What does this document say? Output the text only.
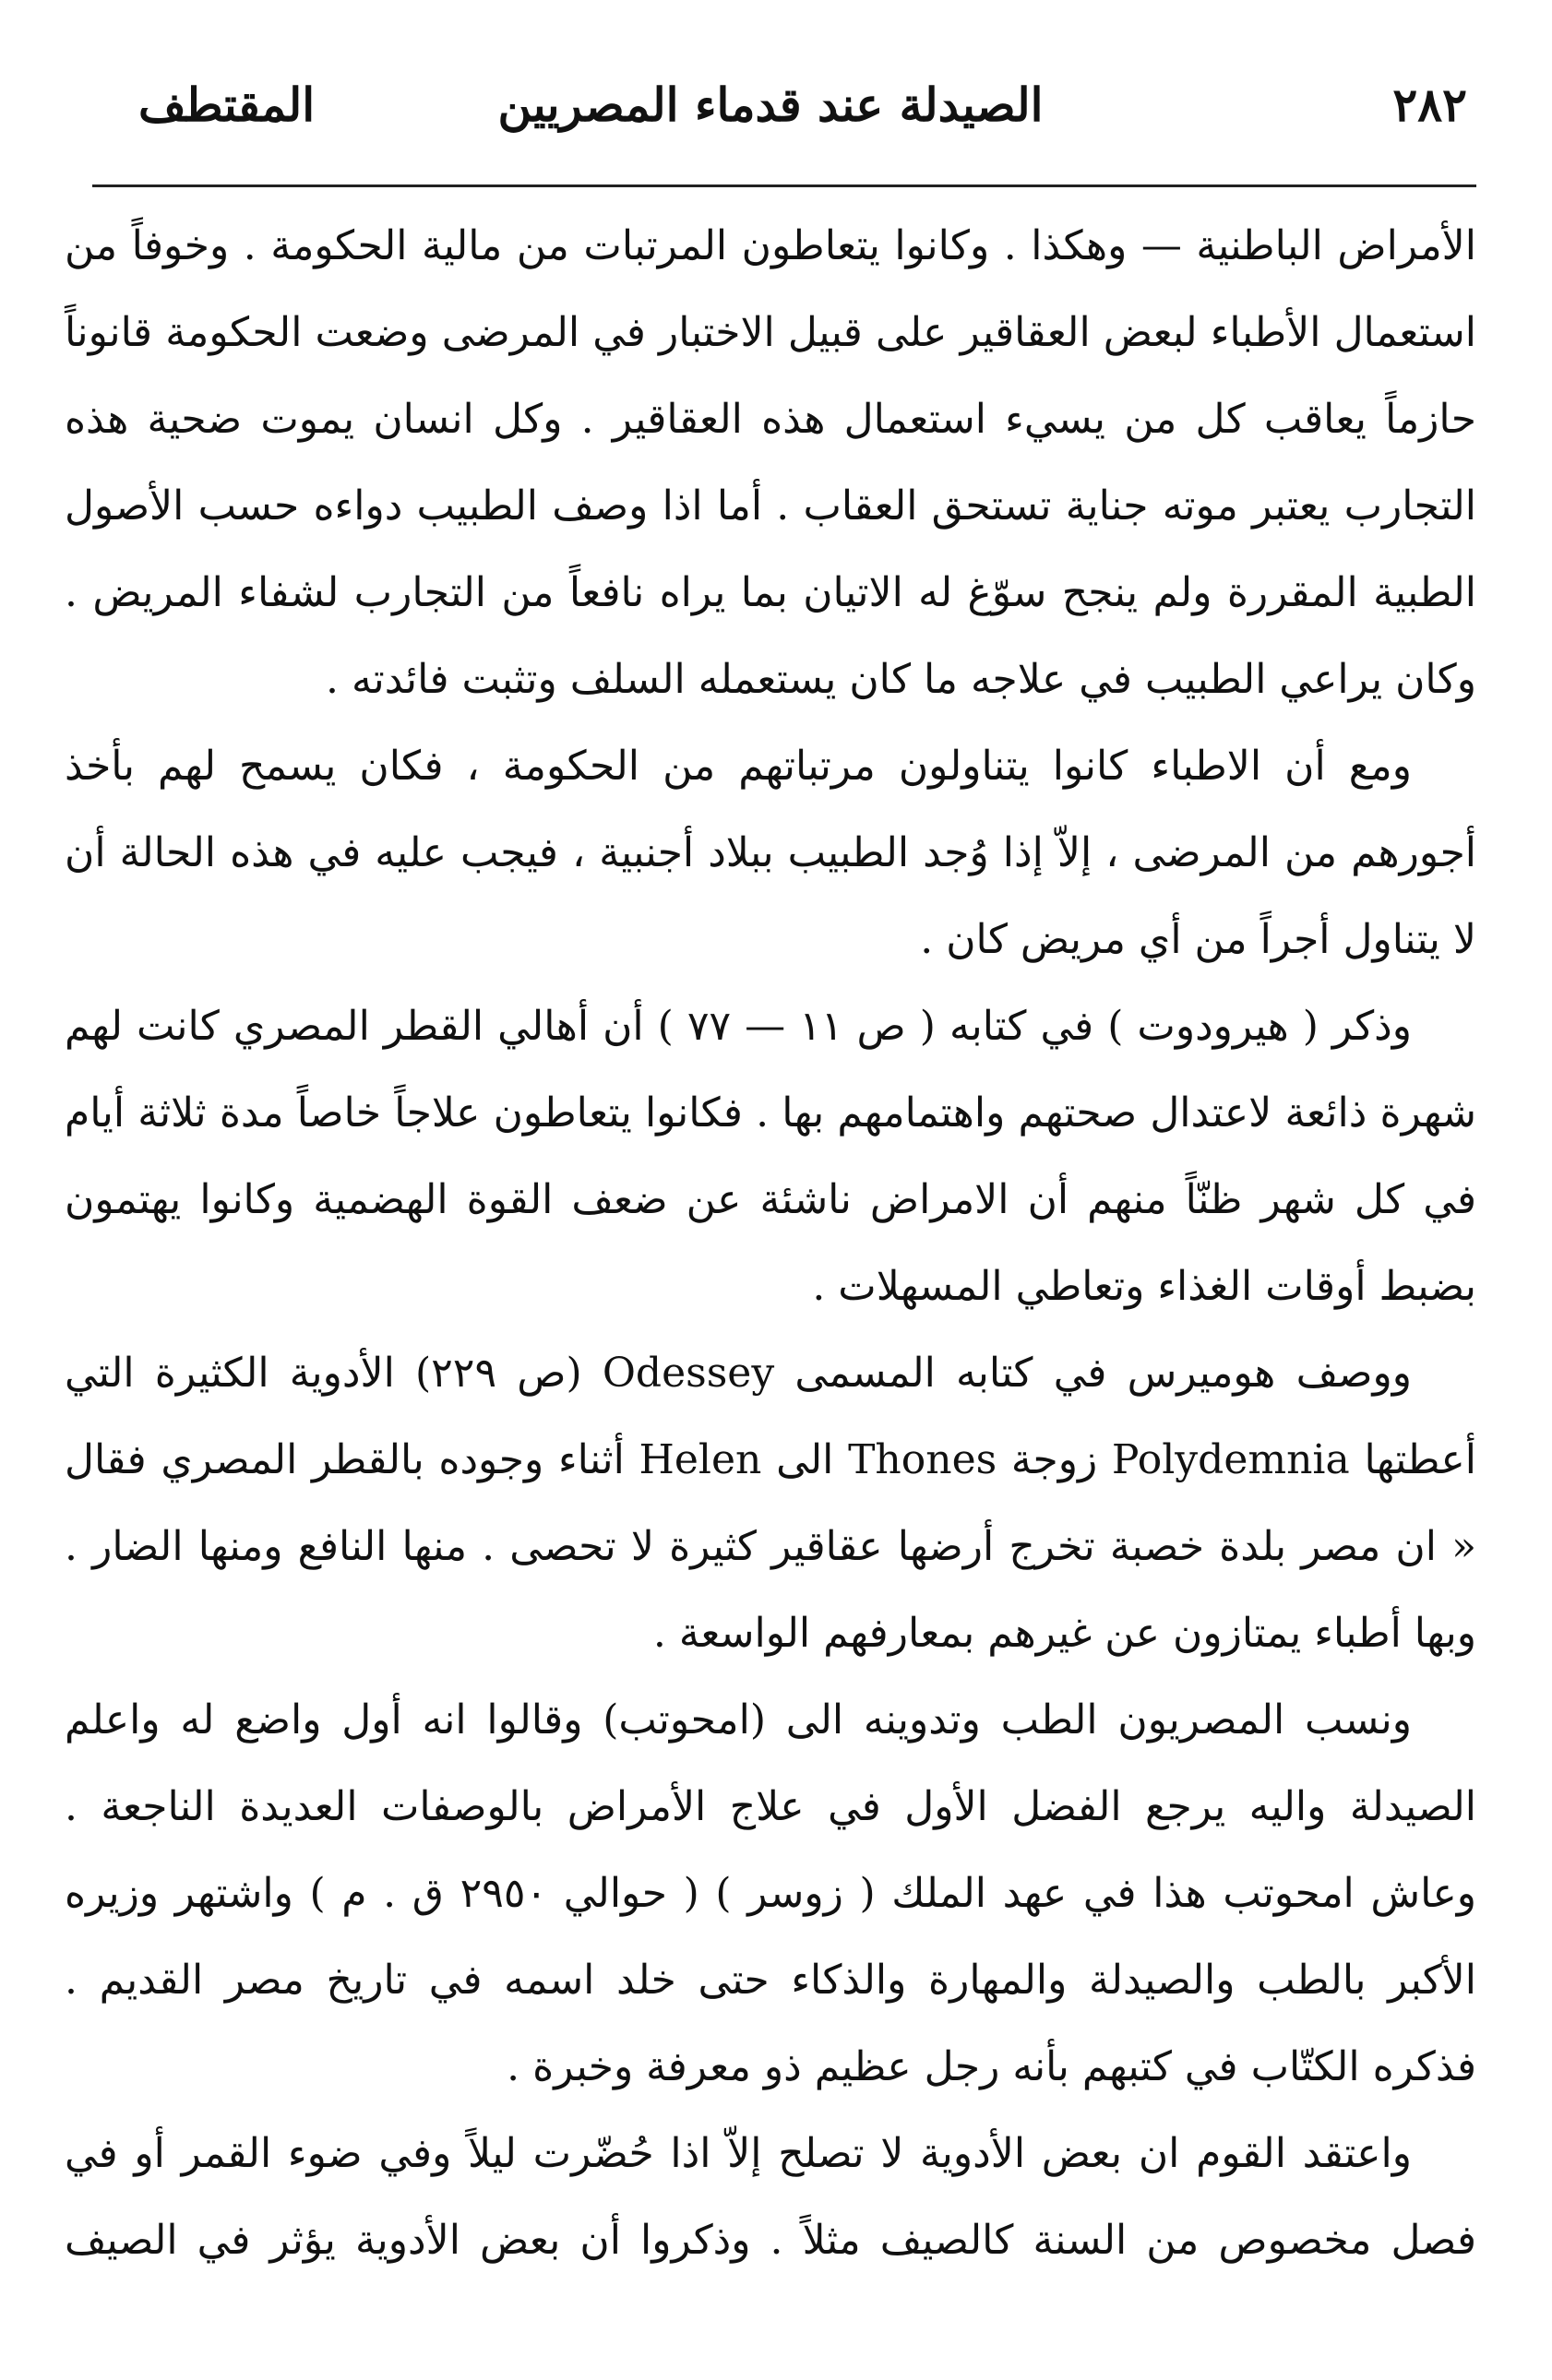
٢٨٢
الصيدلة عند قدماء المصريين
المقتطف

الأمراض الباطنية — وهكذا . وكانوا يتعاطون المرتبات من مالية الحكومة . وخوفاً من استعمال الأطباء لبعض العقاقير على قبيل الاختبار في المرضى وضعت الحكومة قانوناً حازماً يعاقب كل من يسيء استعمال هذه العقاقير . وكل انسان يموت ضحية هذه التجارب يعتبر موته جناية تستحق العقاب . أما اذا وصف الطبيب دواءه حسب الأصول الطبية المقررة ولم ينجح سوّغ له الاتيان بما يراه نافعاً من التجارب لشفاء المريض . وكان يراعي الطبيب في علاجه ما كان يستعمله السلف وتثبت فائدته .

ومع أن الاطباء كانوا يتناولون مرتباتهم من الحكومة ، فكان يسمح لهم بأخذ أجورهم من المرضى ، إلاّ إذا وُجد الطبيب ببلاد أجنبية ، فيجب عليه في هذه الحالة أن لا يتناول أجراً من أي مريض كان .

وذكر ( هيرودوت ) في كتابه ( ص ١١ — ٧٧ ) أن أهالي القطر المصري كانت لهم شهرة ذائعة لاعتدال صحتهم واهتمامهم بها . فكانوا يتعاطون علاجاً خاصاً مدة ثلاثة أيام في كل شهر ظنّاً منهم أن الامراض ناشئة عن ضعف القوة الهضمية وكانوا يهتمون بضبط أوقات الغذاء وتعاطي المسهلات .

ووصف هوميرس في كتابه المسمى Odessey (ص ٢٢٩) الأدوية الكثيرة التي أعطتها Polydemnia زوجة Thones الى Helen أثناء وجوده بالقطر المصري فقال « ان مصر بلدة خصبة تخرج أرضها عقاقير كثيرة لا تحصى . منها النافع ومنها الضار . وبها أطباء يمتازون عن غيرهم بمعارفهم الواسعة .

ونسب المصريون الطب وتدوينه الى (امحوتب) وقالوا انه أول واضع له واعلم الصيدلة واليه يرجع الفضل الأول في علاج الأمراض بالوصفات العديدة الناجعة . وعاش امحوتب هذا في عهد الملك ( زوسر ) ( حوالي ٢٩٥٠ ق . م ) واشتهر وزيره الأكبر بالطب والصيدلة والمهارة والذكاء حتى خلد اسمه في تاريخ مصر القديم . فذكره الكتّاب في كتبهم بأنه رجل عظيم ذو معرفة وخبرة .

واعتقد القوم ان بعض الأدوية لا تصلح إلاّ اذا حُضّرت ليلاً وفي ضوء القمر أو في فصل مخصوص من السنة كالصيف مثلاً . وذكروا أن بعض الأدوية يؤثر في الصيف
